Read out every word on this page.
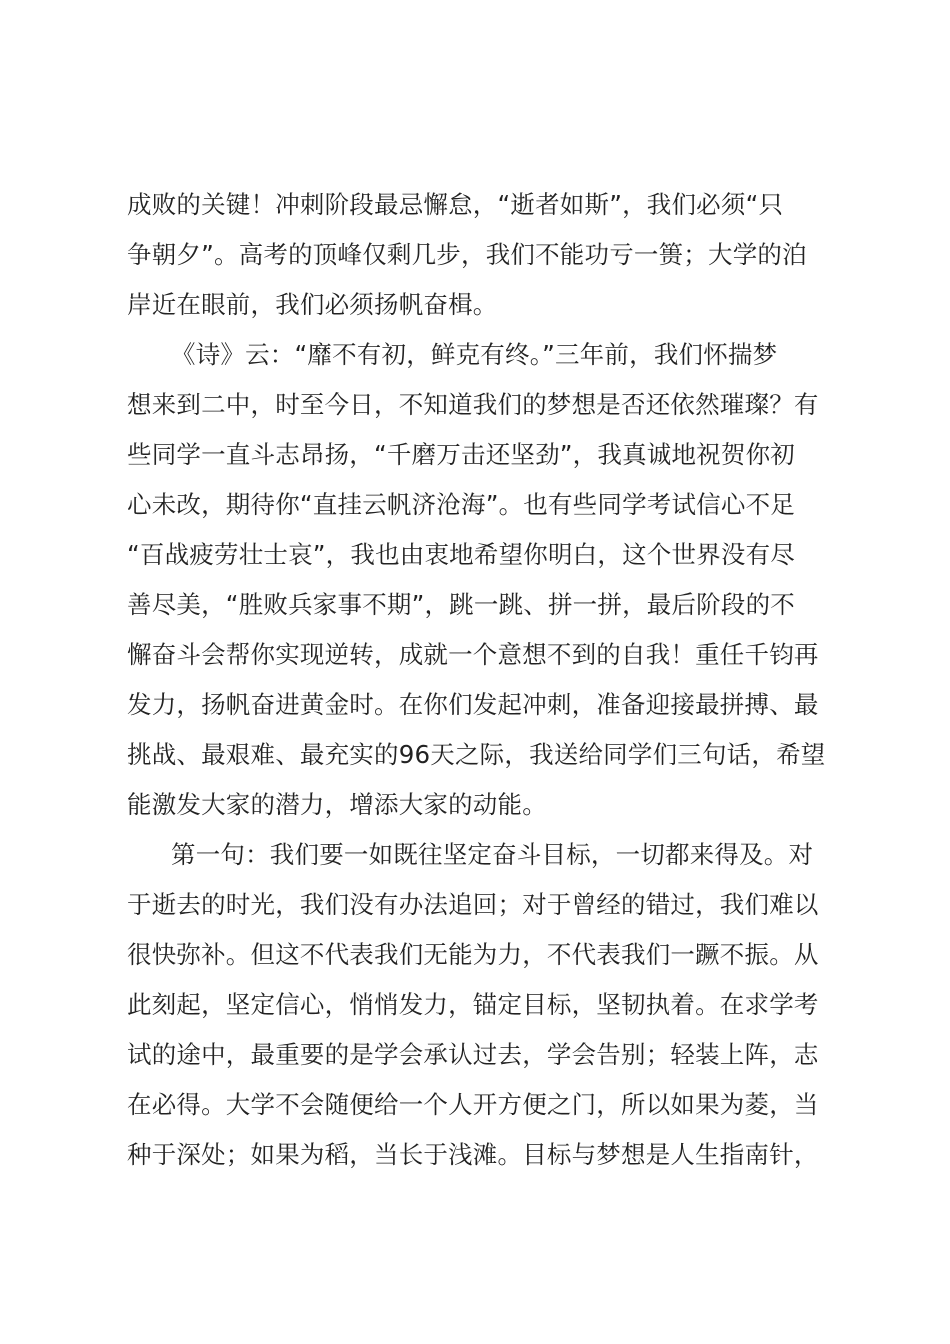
成败的关键！冲刺阶段最忌懈怠，“逝者如斯”，我们必须“只
争朝夕”。高考的顶峰仅剩几步，我们不能功亏一篑；大学的泊
岸近在眼前，我们必须扬帆奋楫。
《诗》云：“靡不有初，鲜克有终。”三年前，我们怀揣梦
想来到二中，时至今日，不知道我们的梦想是否还依然璀璨？有
些同学一直斗志昂扬，“千磨万击还坚劲”，我真诚地祝贺你初
心未改，期待你“直挂云帆济沧海”。也有些同学考试信心不足
“百战疲劳壮士哀”，我也由衷地希望你明白，这个世界没有尽
善尽美，“胜败兵家事不期”，跳一跳、拼一拼，最后阶段的不
懈奋斗会帮你实现逆转，成就一个意想不到的自我！重任千钧再
发力，扬帆奋进黄金时。在你们发起冲刺，准备迎接最拼搏、最
挑战、最艰难、最充实的96天之际，我送给同学们三句话，希望
能激发大家的潜力，增添大家的动能。
第一句：我们要一如既往坚定奋斗目标，一切都来得及。对
于逝去的时光，我们没有办法追回；对于曾经的错过，我们难以
很快弥补。但这不代表我们无能为力，不代表我们一蹶不振。从
此刻起，坚定信心，悄悄发力，锚定目标，坚韧执着。在求学考
试的途中，最重要的是学会承认过去，学会告别；轻装上阵，志
在必得。大学不会随便给一个人开方便之门，所以如果为菱，当
种于深处；如果为稻，当长于浅滩。目标与梦想是人生指南针，
